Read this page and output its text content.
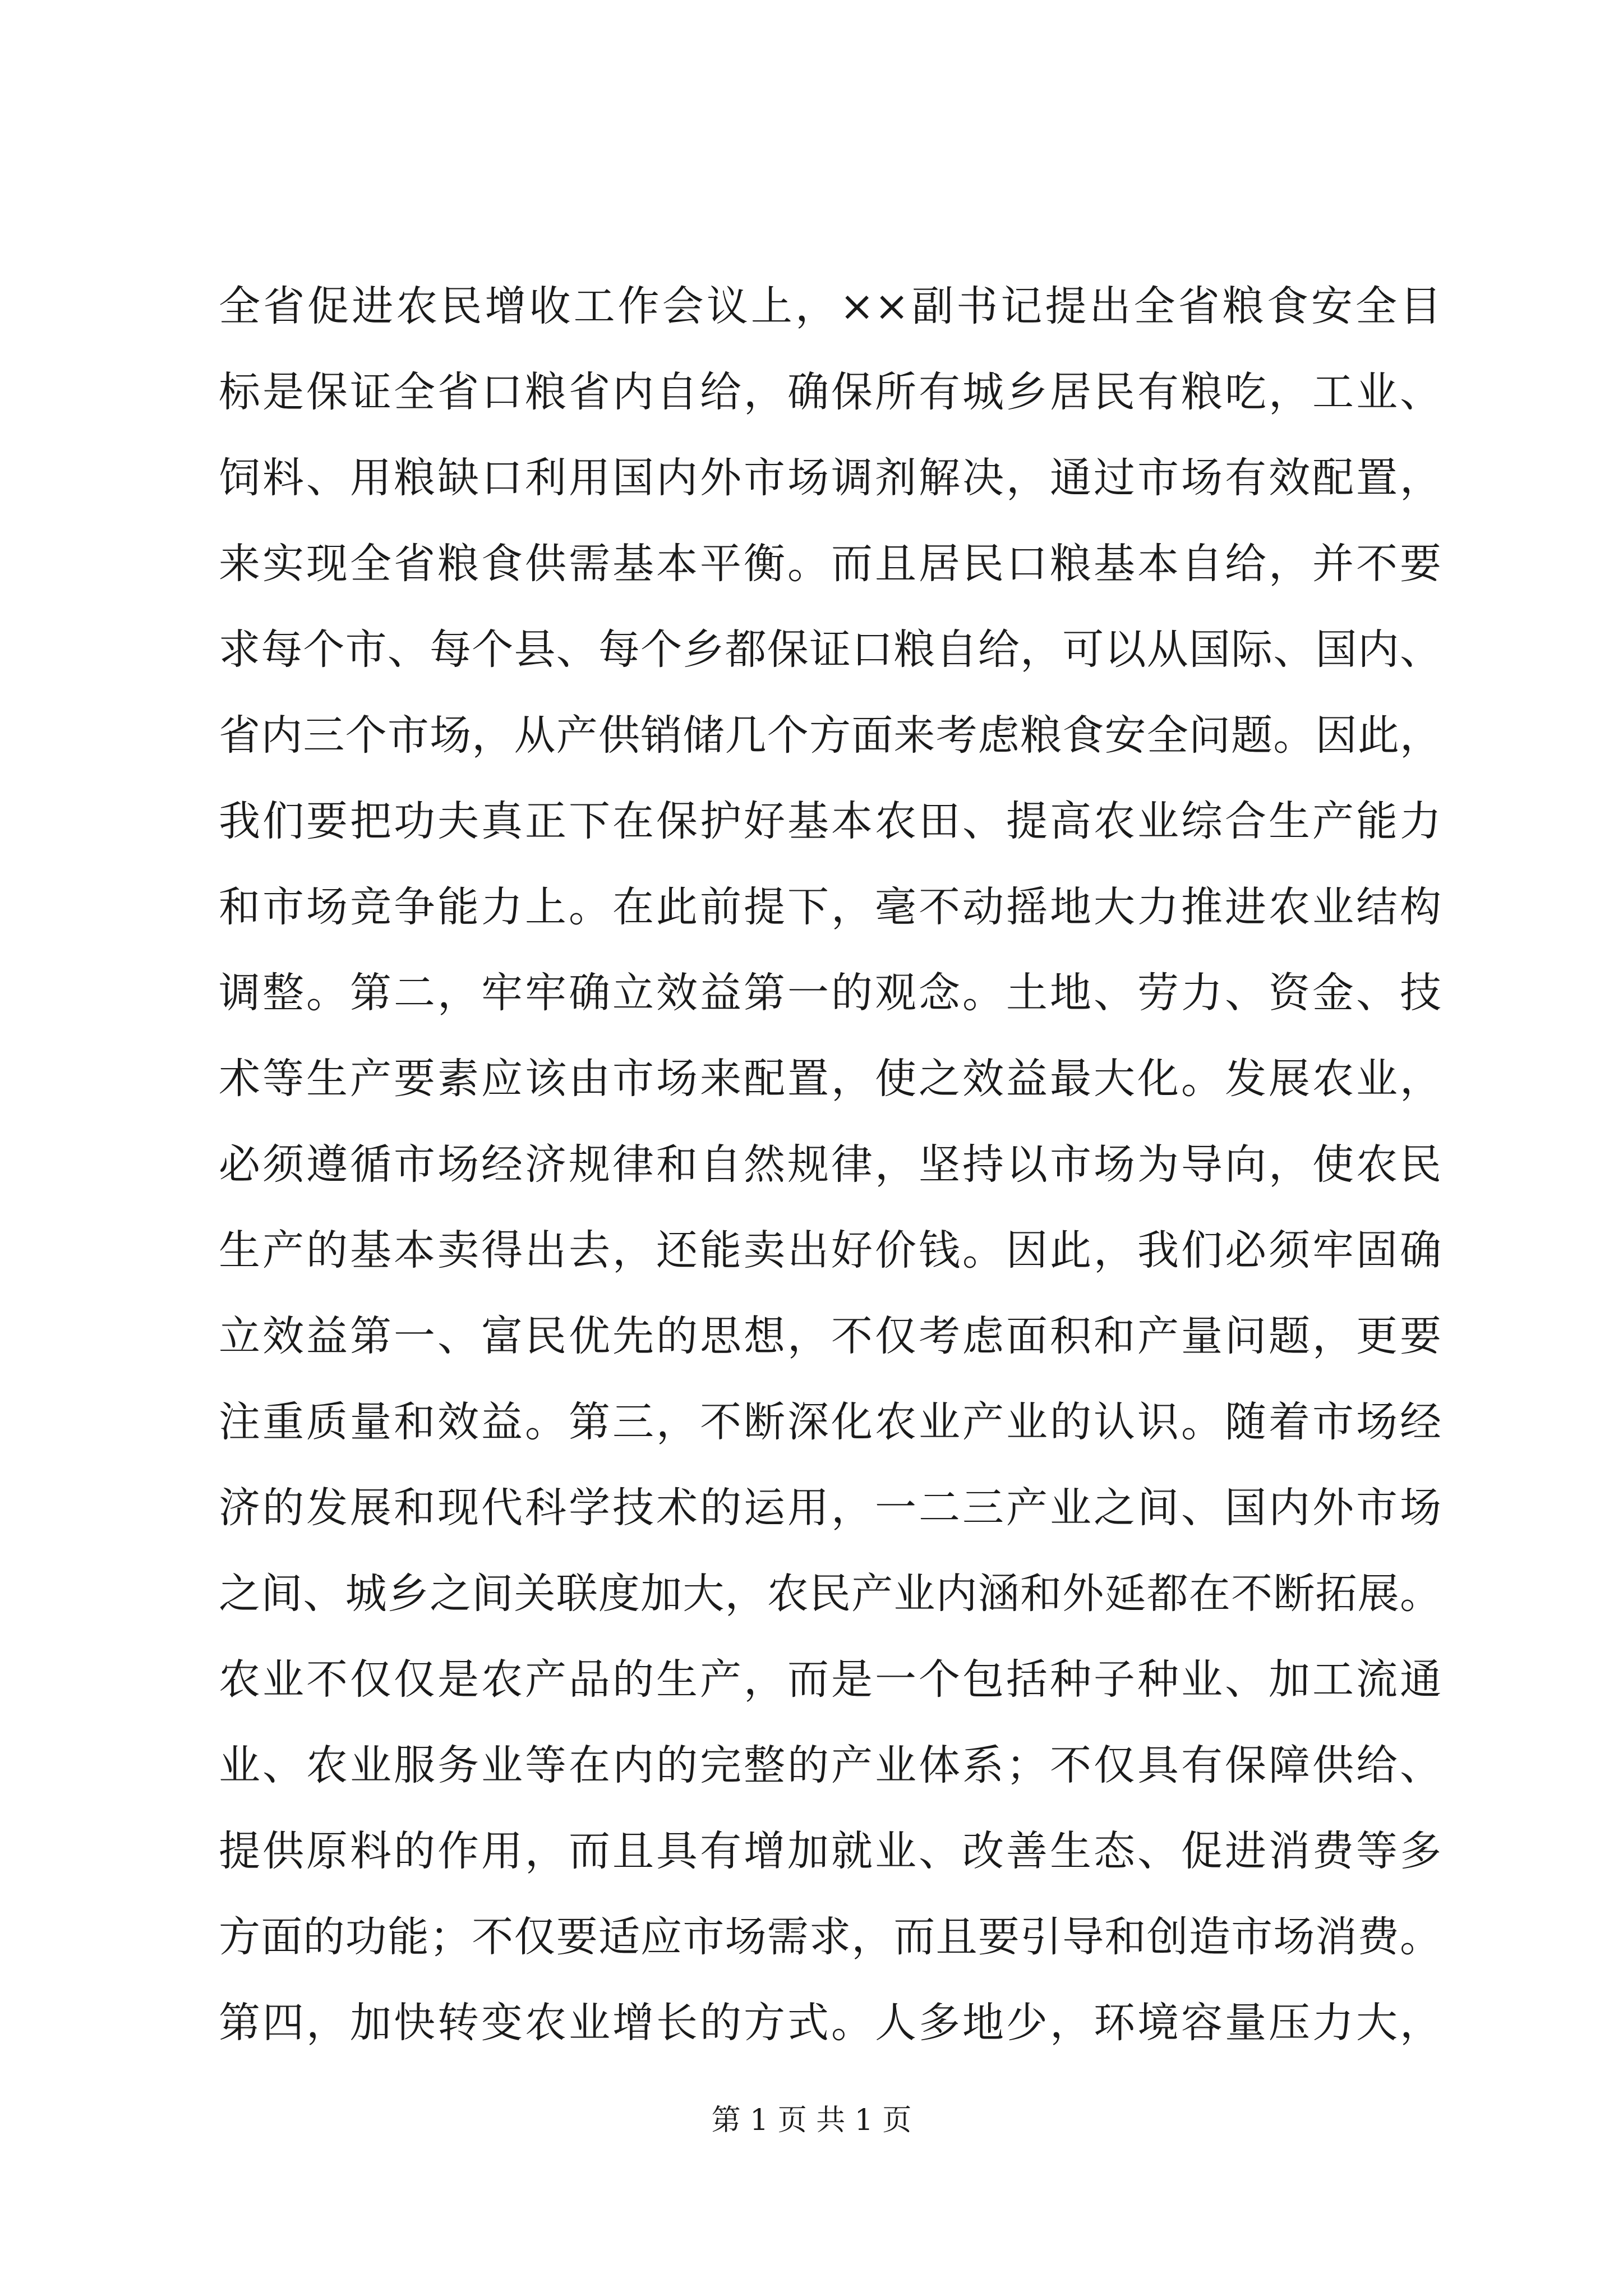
全省促进农民增收工作会议上，××副书记提出全省粮食安全目
标是保证全省口粮省内自给，确保所有城乡居民有粮吃，工业、
饲料、用粮缺口利用国内外市场调剂解决，通过市场有效配置，
来实现全省粮食供需基本平衡。而且居民口粮基本自给，并不要
求每个市、每个县、每个乡都保证口粮自给，可以从国际、国内、
省内三个市场，从产供销储几个方面来考虑粮食安全问题。因此，
我们要把功夫真正下在保护好基本农田、提高农业综合生产能力
和市场竞争能力上。在此前提下，毫不动摇地大力推进农业结构
调整。第二，牢牢确立效益第一的观念。土地、劳力、资金、技
术等生产要素应该由市场来配置，使之效益最大化。发展农业，
必须遵循市场经济规律和自然规律，坚持以市场为导向，使农民
生产的基本卖得出去，还能卖出好价钱。因此，我们必须牢固确
立效益第一、富民优先的思想，不仅考虑面积和产量问题，更要
注重质量和效益。第三，不断深化农业产业的认识。随着市场经
济的发展和现代科学技术的运用，一二三产业之间、国内外市场
之间、城乡之间关联度加大，农民产业内涵和外延都在不断拓展。
农业不仅仅是农产品的生产，而是一个包括种子种业、加工流通
业、农业服务业等在内的完整的产业体系；不仅具有保障供给、
提供原料的作用，而且具有增加就业、改善生态、促进消费等多
方面的功能；不仅要适应市场需求，而且要引导和创造市场消费。
第四，加快转变农业增长的方式。人多地少，环境容量压力大，
第 1 页 共 1 页
